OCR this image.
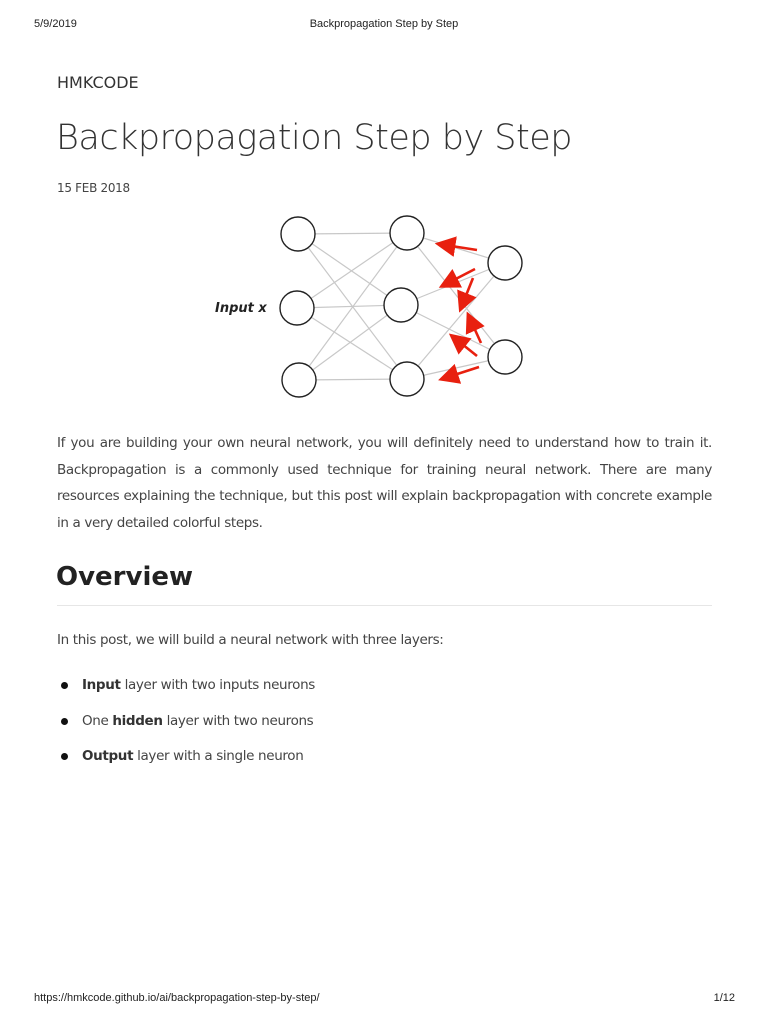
5/9/2019	Backpropagation Step by Step
HMKCODE
Backpropagation Step by Step
15 FEB 2018
Input x

If you are building your own neural network, you will definitely need to understand how to train it. Backpropagation is a commonly used technique for training neural network. There are many resources explaining the technique, but this post will explain backpropagation with concrete example in a very detailed colorful steps.

Overview

In this post, we will build a neural network with three layers:

Input layer with two inputs neurons
One hidden layer with two neurons
Output layer with a single neuron
https://hmkcode.github.io/ai/backpropagation-step-by-step/	1/12
